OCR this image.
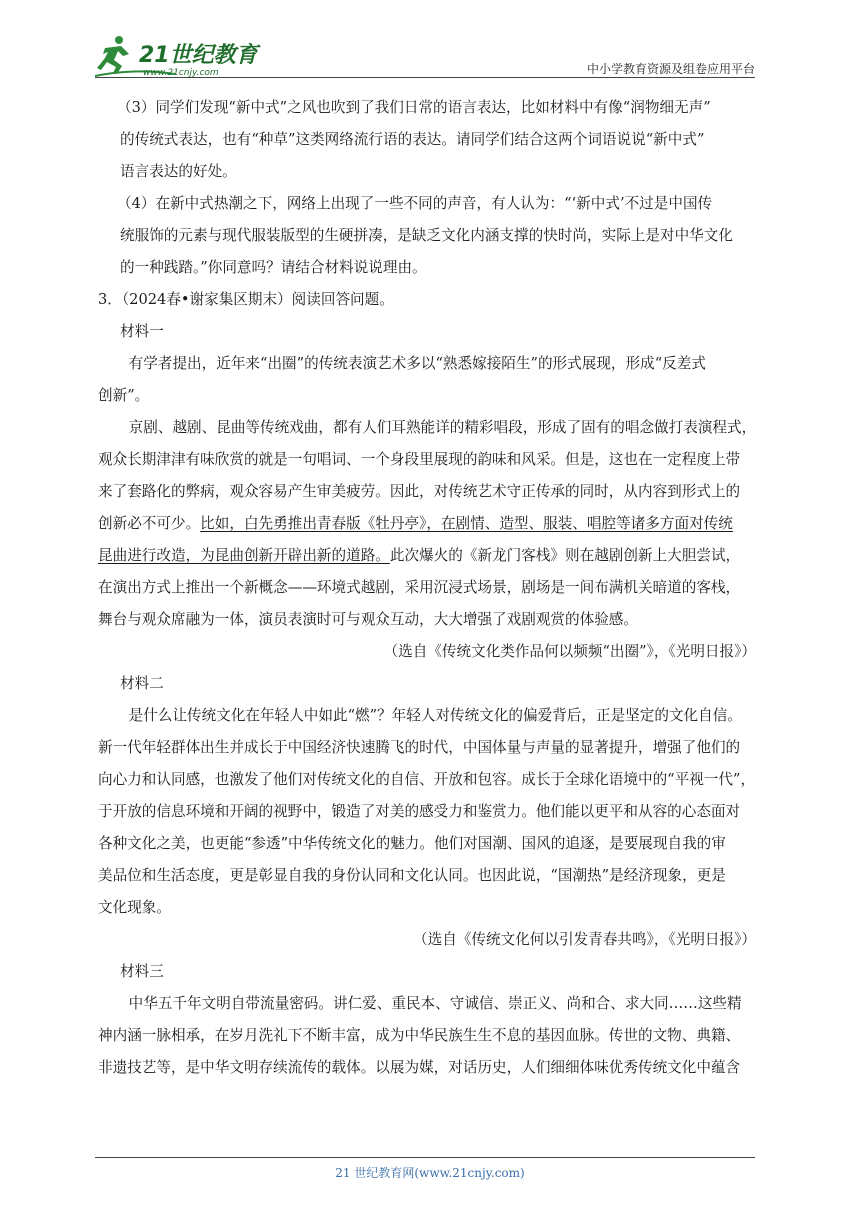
21世纪教育
www.21cnjy.com	中小学教育资源及组卷应用平台

（3）同学们发现“新中式”之风也吹到了我们日常的语言表达，比如材料中有像“润物细无声”

的传统式表达，也有“种草”这类网络流行语的表达。请同学们结合这两个词语说说“新中式”

语言表达的好处。

（4）在新中式热潮之下，网络上出现了一些不同的声音，有人认为：“‘新中式’不过是中国传

统服饰的元素与现代服装版型的生硬拼凑，是缺乏文化内涵支撑的快时尚，实际上是对中华文化

的一种践踏。”你同意吗？请结合材料说说理由。

3．（2024春•谢家集区期末）阅读回答问题。

材料一

有学者提出，近年来“出圈”的传统表演艺术多以“熟悉嫁接陌生”的形式展现，形成“反差式

创新”。

京剧、越剧、昆曲等传统戏曲，都有人们耳熟能详的精彩唱段，形成了固有的唱念做打表演程式，

观众长期津津有味欣赏的就是一句唱词、一个身段里展现的韵味和风采。但是，这也在一定程度上带

来了套路化的弊病，观众容易产生审美疲劳。因此，对传统艺术守正传承的同时，从内容到形式上的

创新必不可少。比如，白先勇推出青春版《牡丹亭》，在剧情、造型、服装、唱腔等诸多方面对传统

昆曲进行改造，为昆曲创新开辟出新的道路。此次爆火的《新龙门客栈》则在越剧创新上大胆尝试，

在演出方式上推出一个新概念——环境式越剧，采用沉浸式场景，剧场是一间布满机关暗道的客栈，

舞台与观众席融为一体，演员表演时可与观众互动，大大增强了戏剧观赏的体验感。

（选自《传统文化类作品何以频频“出圈”》，《光明日报》）

材料二

是什么让传统文化在年轻人中如此“燃”？年轻人对传统文化的偏爱背后，正是坚定的文化自信。

新一代年轻群体出生并成长于中国经济快速腾飞的时代，中国体量与声量的显著提升，增强了他们的

向心力和认同感，也激发了他们对传统文化的自信、开放和包容。成长于全球化语境中的“平视一代”，

于开放的信息环境和开阔的视野中，锻造了对美的感受力和鉴赏力。他们能以更平和从容的心态面对

各种文化之美，也更能“参透”中华传统文化的魅力。他们对国潮、国风的追逐，是要展现自我的审

美品位和生活态度，更是彰显自我的身份认同和文化认同。也因此说，“国潮热”是经济现象，更是

文化现象。

（选自《传统文化何以引发青春共鸣》，《光明日报》）

材料三

中华五千年文明自带流量密码。讲仁爱、重民本、守诚信、崇正义、尚和合、求大同……这些精

神内涵一脉相承，在岁月洗礼下不断丰富，成为中华民族生生不息的基因血脉。传世的文物、典籍、

非遗技艺等，是中华文明存续流传的载体。以展为媒，对话历史，人们细细体味优秀传统文化中蕴含

21 世纪教育网(www.21cnjy.com)
